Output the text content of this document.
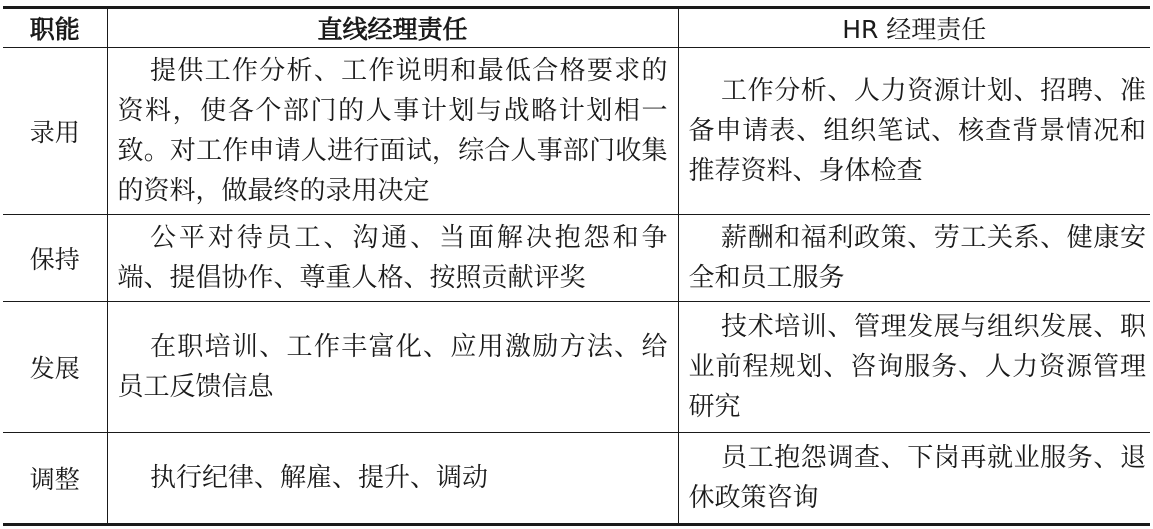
职能	直线经理责任	HR 经理责任
录用	提供工作分析、工作说明和最低合格要求的资料，使各个部门的人事计划与战略计划相一致。对工作申请人进行面试，综合人事部门收集的资料，做最终的录用决定	工作分析、人力资源计划、招聘、准备申请表、组织笔试、核查背景情况和推荐资料、身体检查
保持	公平对待员工、沟通、当面解决抱怨和争端、提倡协作、尊重人格、按照贡献评奖	薪酬和福利政策、劳工关系、健康安全和员工服务
发展	在职培训、工作丰富化、应用激励方法、给员工反馈信息	技术培训、管理发展与组织发展、职业前程规划、咨询服务、人力资源管理研究
调整	执行纪律、解雇、提升、调动	员工抱怨调查、下岗再就业服务、退休政策咨询
